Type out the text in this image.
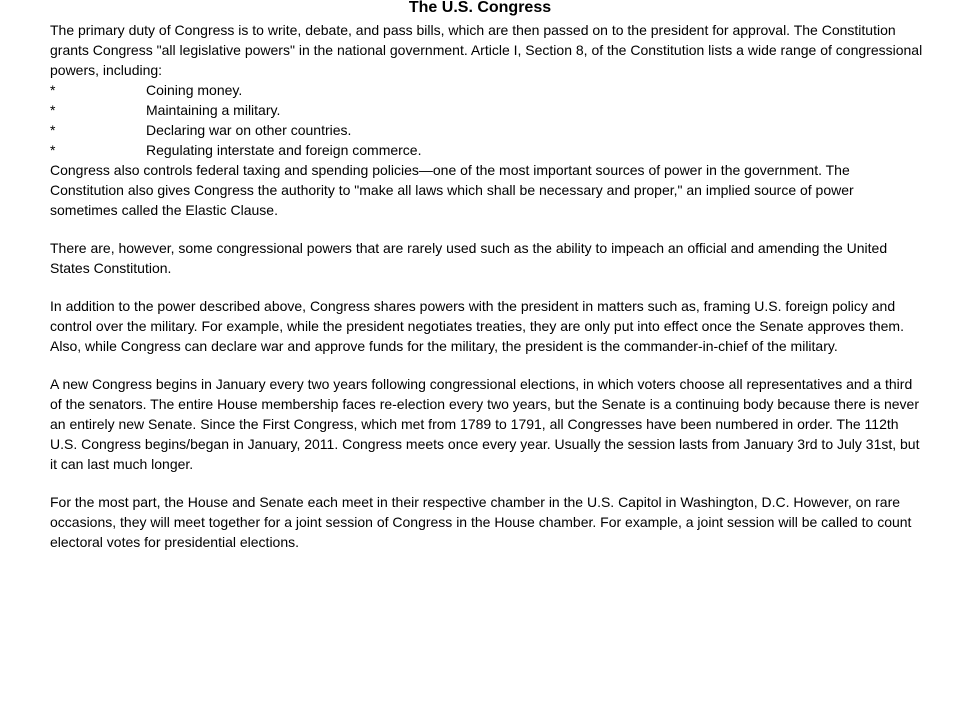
The U.S. Congress

The primary duty of Congress is to write, debate, and pass bills, which are then passed on to the president for approval. The Constitution grants Congress "all legislative powers" in the national government. Article I, Section 8, of the Constitution lists a wide range of congressional powers, including:

*	Coining money.
*	Maintaining a military.
*	Declaring war on other countries.
*	Regulating interstate and foreign commerce.

Congress also controls federal taxing and spending policies—one of the most important sources of power in the government. The Constitution also gives Congress the authority to "make all laws which shall be necessary and proper," an implied source of power sometimes called the Elastic Clause.

There are, however, some congressional powers that are rarely used such as the ability to impeach an official and amending the United States Constitution.

In addition to the power described above, Congress shares powers with the president in matters such as, framing U.S. foreign policy and control over the military. For example, while the president negotiates treaties, they are only put into effect once the Senate approves them. Also, while Congress can declare war and approve funds for the military, the president is the commander-in-chief of the military.

A new Congress begins in January every two years following congressional elections, in which voters choose all representatives and a third of the senators. The entire House membership faces re-election every two years, but the Senate is a continuing body because there is never an entirely new Senate. Since the First Congress, which met from 1789 to 1791, all Congresses have been numbered in order. The 112th U.S. Congress begins/began in January, 2011. Congress meets once every year. Usually the session lasts from January 3rd to July 31st, but it can last much longer.

For the most part, the House and Senate each meet in their respective chamber in the U.S. Capitol in Washington, D.C. However, on rare occasions, they will meet together for a joint session of Congress in the House chamber. For example, a joint session will be called to count electoral votes for presidential elections.
